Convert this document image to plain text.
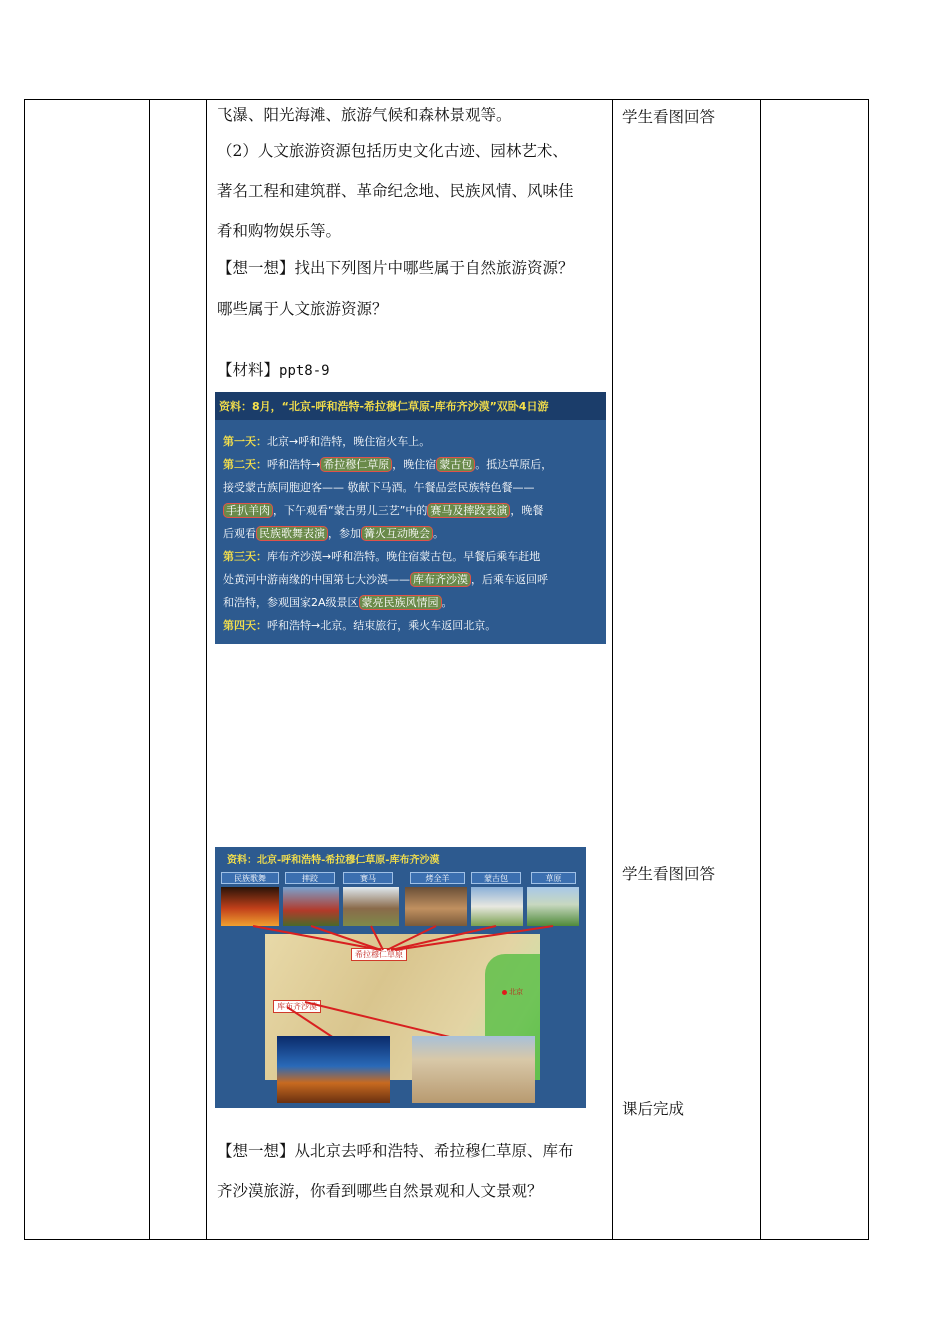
飞瀑、阳光海滩、旅游气候和森林景观等。
（2）人文旅游资源包括历史文化古迹、园林艺术、
著名工程和建筑群、革命纪念地、民族风情、风味佳
肴和购物娱乐等。
【想一想】找出下列图片中哪些属于自然旅游资源？
哪些属于人文旅游资源？
【材料】ppt8-9
资料：8月，“北京-呼和浩特-希拉穆仁草原-库布齐沙漠”双卧4日游
第一天：北京→呼和浩特，晚住宿火车上。
第二天：呼和浩特→ 希拉穆仁草原 ，晚住宿 蒙古包 。抵达草原后，
接受蒙古族同胞迎客—— 敬献下马酒。午餐品尝民族特色餐——
手扒羊肉 ，下午观看“蒙古男儿三艺”中的 赛马及摔跤表演 ，晚餐
后观看 民族歌舞表演 ，参加 篝火互动晚会 。
第三天：库布齐沙漠→呼和浩特。晚住宿蒙古包。早餐后乘车赶地
处黄河中游南缘的中国第七大沙漠—— 库布齐沙漠 ，后乘车返回呼
和浩特，参观国家2A级景区 蒙亮民族风情园 。
第四天：呼和浩特→北京。结束旅行，乘火车返回北京。
资料：北京-呼和浩特-希拉穆仁草原-库布齐沙漠
民族歌舞	摔跤	赛马	烤全羊	蒙古包	草原
希拉穆仁草原
库布齐沙漠
北京
【想一想】从北京去呼和浩特、希拉穆仁草原、库布
齐沙漠旅游，你看到哪些自然景观和人文景观？
学生看图回答
学生看图回答
课后完成
